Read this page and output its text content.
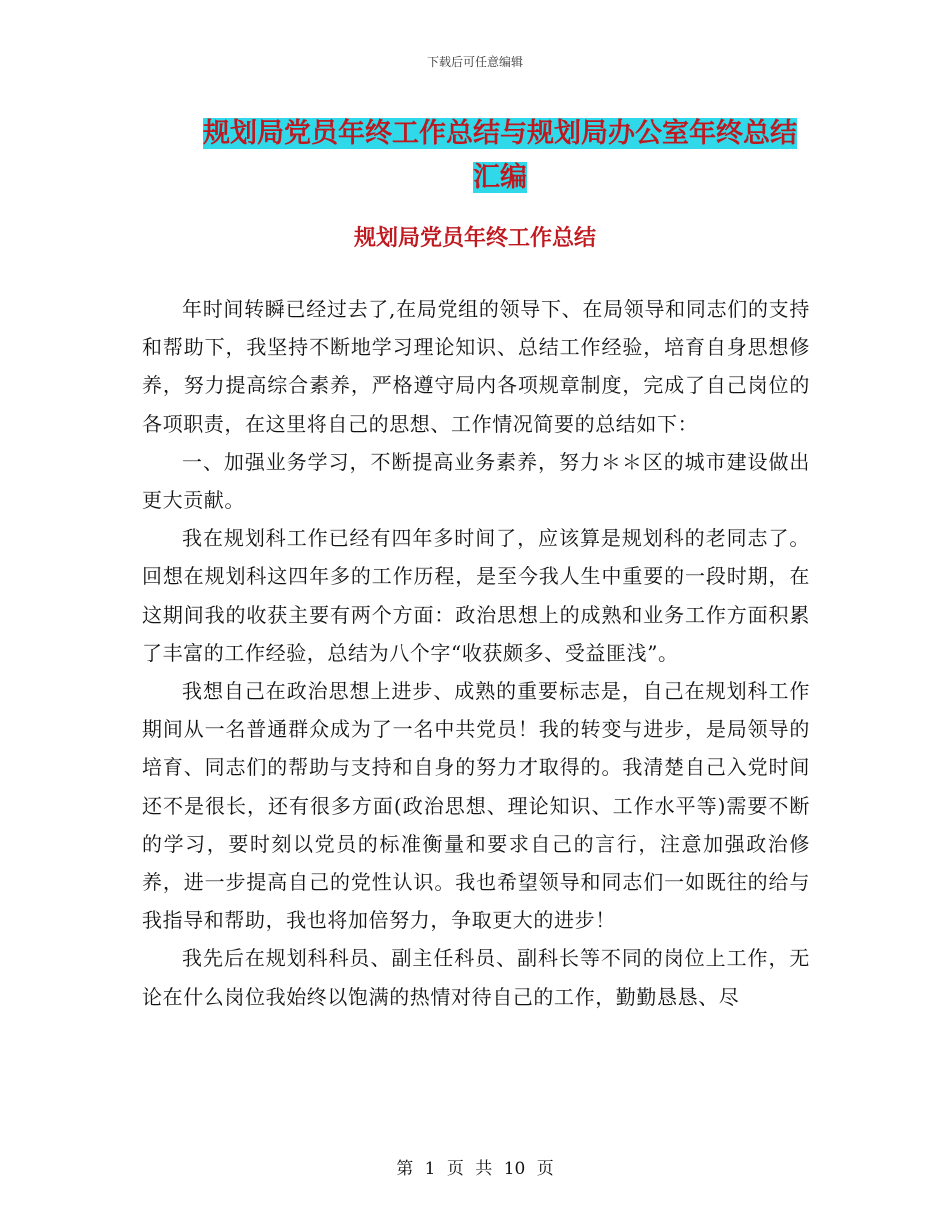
下载后可任意编辑
规划局党员年终工作总结与规划局办公室年终总结汇编
规划局党员年终工作总结

年时间转瞬已经过去了,在局党组的领导下、在局领导和同志们的支持和帮助下，我坚持不断地学习理论知识、总结工作经验，培育自身思想修养，努力提高综合素养，严格遵守局内各项规章制度，完成了自己岗位的各项职责，在这里将自己的思想、工作情况简要的总结如下：

一、加强业务学习，不断提高业务素养，努力＊＊区的城市建设做出更大贡献。

我在规划科工作已经有四年多时间了，应该算是规划科的老同志了。回想在规划科这四年多的工作历程，是至今我人生中重要的一段时期，在这期间我的收获主要有两个方面：政治思想上的成熟和业务工作方面积累了丰富的工作经验，总结为八个字“收获颇多、受益匪浅”。

我想自己在政治思想上进步、成熟的重要标志是，自己在规划科工作期间从一名普通群众成为了一名中共党员！我的转变与进步，是局领导的培育、同志们的帮助与支持和自身的努力才取得的。我清楚自己入党时间还不是很长，还有很多方面(政治思想、理论知识、工作水平等)需要不断的学习，要时刻以党员的标准衡量和要求自己的言行，注意加强政治修养，进一步提高自己的党性认识。我也希望领导和同志们一如既往的给与我指导和帮助，我也将加倍努力，争取更大的进步！

我先后在规划科科员、副主任科员、副科长等不同的岗位上工作，无论在什么岗位我始终以饱满的热情对待自己的工作，勤勤恳恳、尽

第 1 页 共 10 页
